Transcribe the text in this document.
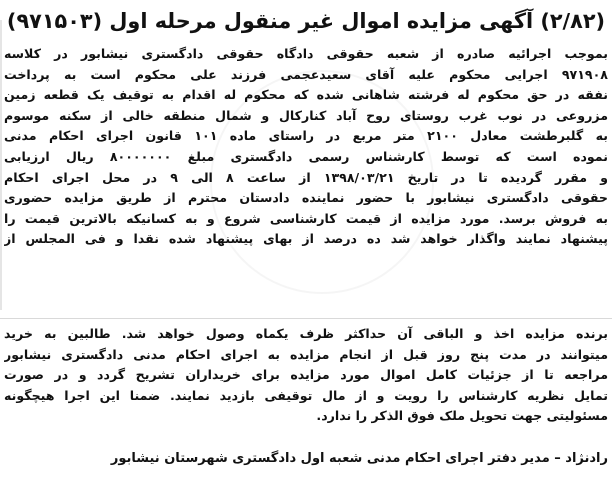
(۲/۸۲) آگهی مزایده اموال غیر منقول مرحله اول (۹۷۱۵۰۳)
بموجب اجرائیه صادره از شعبه حقوقی دادگاه حقوقی دادگستری نیشابور در کلاسه
۹۷۱۹۰۸ اجرایی محکوم علیه آقای سعیدعجمی فرزند علی محکوم است به پرداخت
نفقه در حق محکوم له فرشته شاهانی شده که محکوم له اقدام به توقیف یک قطعه زمین
مزروعی در نوب غرب روستای روح آباد کنارکال و شمال منطقه خالی از سکنه موسوم
به گلبرطشت معادل ۲۱۰۰ متر مربع در راستای ماده ۱۰۱ قانون اجرای احکام مدنی
نموده است که توسط کارشناس رسمی دادگستری مبلغ ۸۰۰۰۰۰۰۰ ریال ارزیابی
و مقرر گردیده تا در تاریخ ۱۳۹۸/۰۳/۲۱ از ساعت ۸ الی ۹ در محل اجرای احکام
حقوقی دادگستری نیشابور با حضور نماینده دادستان محترم از طریق مزایده حضوری
به فروش برسد. مورد مزایده از قیمت کارشناسی شروع و به کسانیکه بالاترین قیمت را
پیشنهاد نمایند واگذار خواهد شد ده درصد از بهای پیشنهاد شده نقدا و فی المجلس از
برنده مزایده اخذ و الباقی آن حداکثر ظرف یکماه وصول خواهد شد. طالبین به خرید
میتوانند در مدت پنج روز قبل از انجام مزایده به اجرای احکام مدنی دادگستری نیشابور
مراجعه تا از جزئیات کامل اموال مورد مزایده برای خریداران تشریح گردد و در صورت
تمایل نظریه کارشناس را رویت و از مال توقیفی بازدید نمایند. ضمنا این اجرا هیچگونه
مسئولیتی جهت تحویل ملک فوق الذکر را ندارد.
رادنژاد – مدیر دفتر اجرای احکام مدنی شعبه اول دادگستری شهرستان نیشابور
